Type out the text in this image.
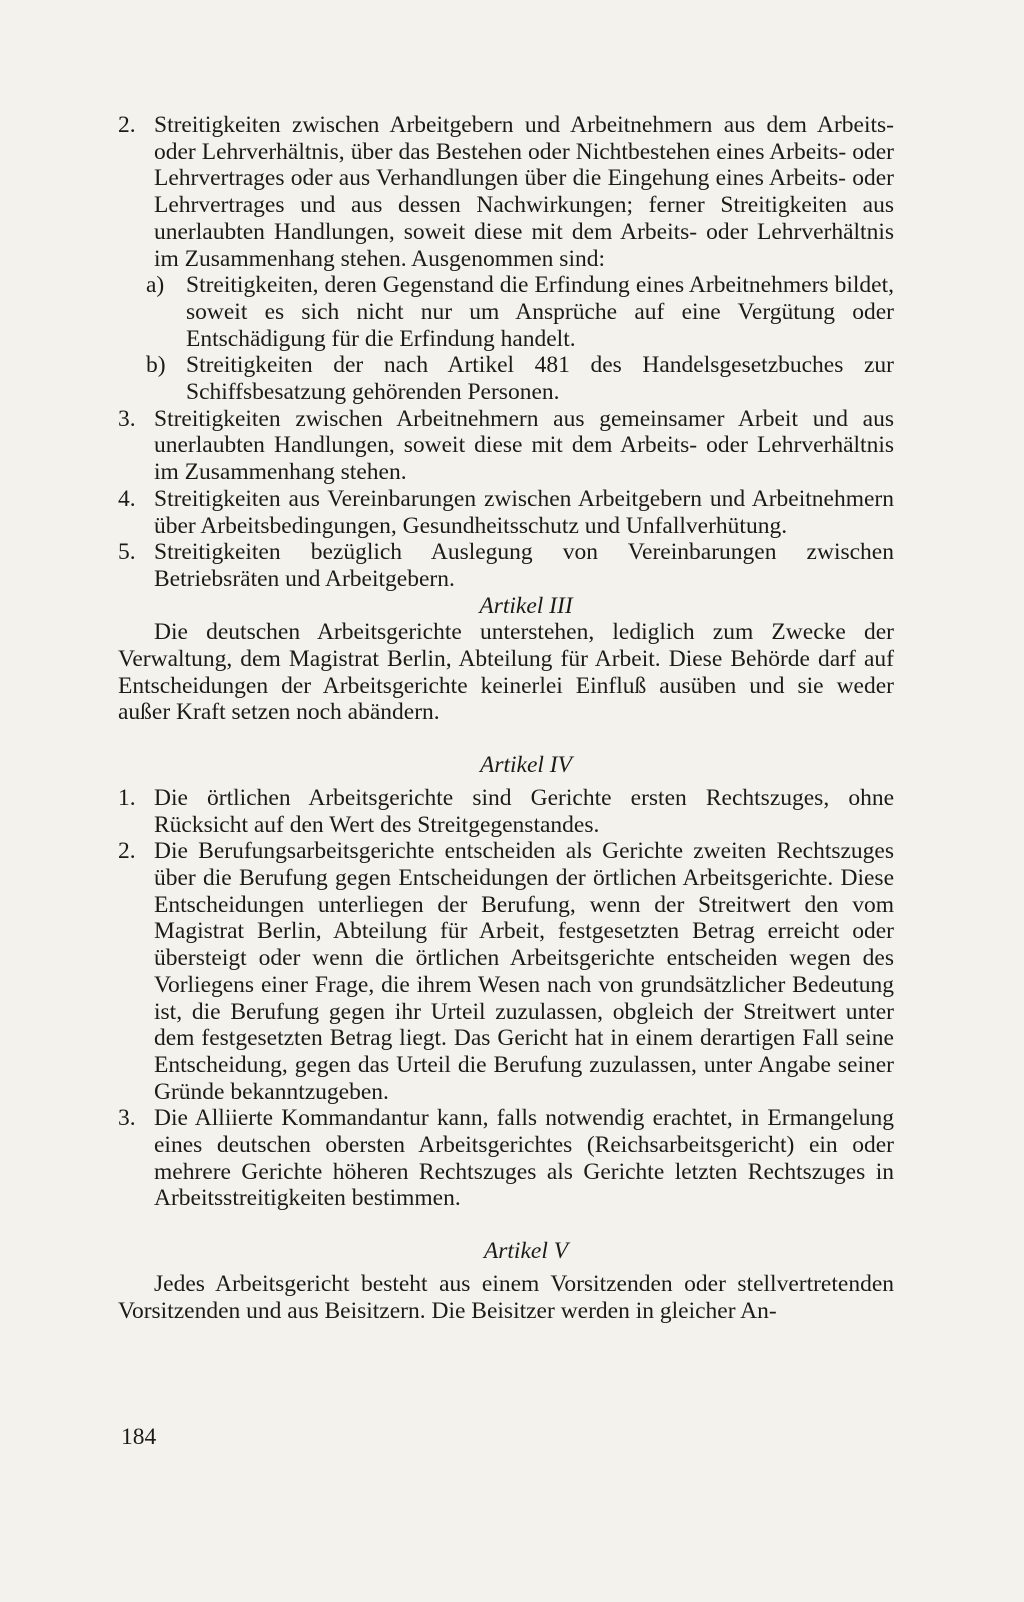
2. Streitigkeiten zwischen Arbeitgebern und Arbeitnehmern aus dem Arbeits- oder Lehrverhältnis, über das Bestehen oder Nichtbestehen eines Arbeits- oder Lehrvertrages oder aus Verhandlungen über die Eingehung eines Arbeits- oder Lehrvertrages und aus dessen Nachwirkungen; ferner Streitigkeiten aus unerlaubten Handlungen, soweit diese mit dem Arbeits- oder Lehrverhältnis im Zusammenhang stehen. Ausgenommen sind:
a) Streitigkeiten, deren Gegenstand die Erfindung eines Arbeitnehmers bildet, soweit es sich nicht nur um Ansprüche auf eine Vergütung oder Entschädigung für die Erfindung handelt.
b) Streitigkeiten der nach Artikel 481 des Handelsgesetzbuches zur Schiffsbesatzung gehörenden Personen.
3. Streitigkeiten zwischen Arbeitnehmern aus gemeinsamer Arbeit und aus unerlaubten Handlungen, soweit diese mit dem Arbeits- oder Lehrverhältnis im Zusammenhang stehen.
4. Streitigkeiten aus Vereinbarungen zwischen Arbeitgebern und Arbeitnehmern über Arbeitsbedingungen, Gesundheitsschutz und Unfallverhütung.
5. Streitigkeiten bezüglich Auslegung von Vereinbarungen zwischen Betriebsräten und Arbeitgebern.
Artikel III
Die deutschen Arbeitsgerichte unterstehen, lediglich zum Zwecke der Verwaltung, dem Magistrat Berlin, Abteilung für Arbeit. Diese Behörde darf auf Entscheidungen der Arbeitsgerichte keinerlei Einfluß ausüben und sie weder außer Kraft setzen noch abändern.
Artikel IV
1. Die örtlichen Arbeitsgerichte sind Gerichte ersten Rechtszuges, ohne Rücksicht auf den Wert des Streitgegenstandes.
2. Die Berufungsarbeitsgerichte entscheiden als Gerichte zweiten Rechtszuges über die Berufung gegen Entscheidungen der örtlichen Arbeitsgerichte. Diese Entscheidungen unterliegen der Berufung, wenn der Streitwert den vom Magistrat Berlin, Abteilung für Arbeit, festgesetzten Betrag erreicht oder übersteigt oder wenn die örtlichen Arbeitsgerichte entscheiden wegen des Vorliegens einer Frage, die ihrem Wesen nach von grundsätzlicher Bedeutung ist, die Berufung gegen ihr Urteil zuzulassen, obgleich der Streitwert unter dem festgesetzten Betrag liegt. Das Gericht hat in einem derartigen Fall seine Entscheidung, gegen das Urteil die Berufung zuzulassen, unter Angabe seiner Gründe bekanntzugeben.
3. Die Alliierte Kommandantur kann, falls notwendig erachtet, in Ermangelung eines deutschen obersten Arbeitsgerichtes (Reichsarbeitsgericht) ein oder mehrere Gerichte höheren Rechtszuges als Gerichte letzten Rechtszuges in Arbeitsstreitigkeiten bestimmen.
Artikel V
Jedes Arbeitsgericht besteht aus einem Vorsitzenden oder stellvertretenden Vorsitzenden und aus Beisitzern. Die Beisitzer werden in gleicher An-
184
